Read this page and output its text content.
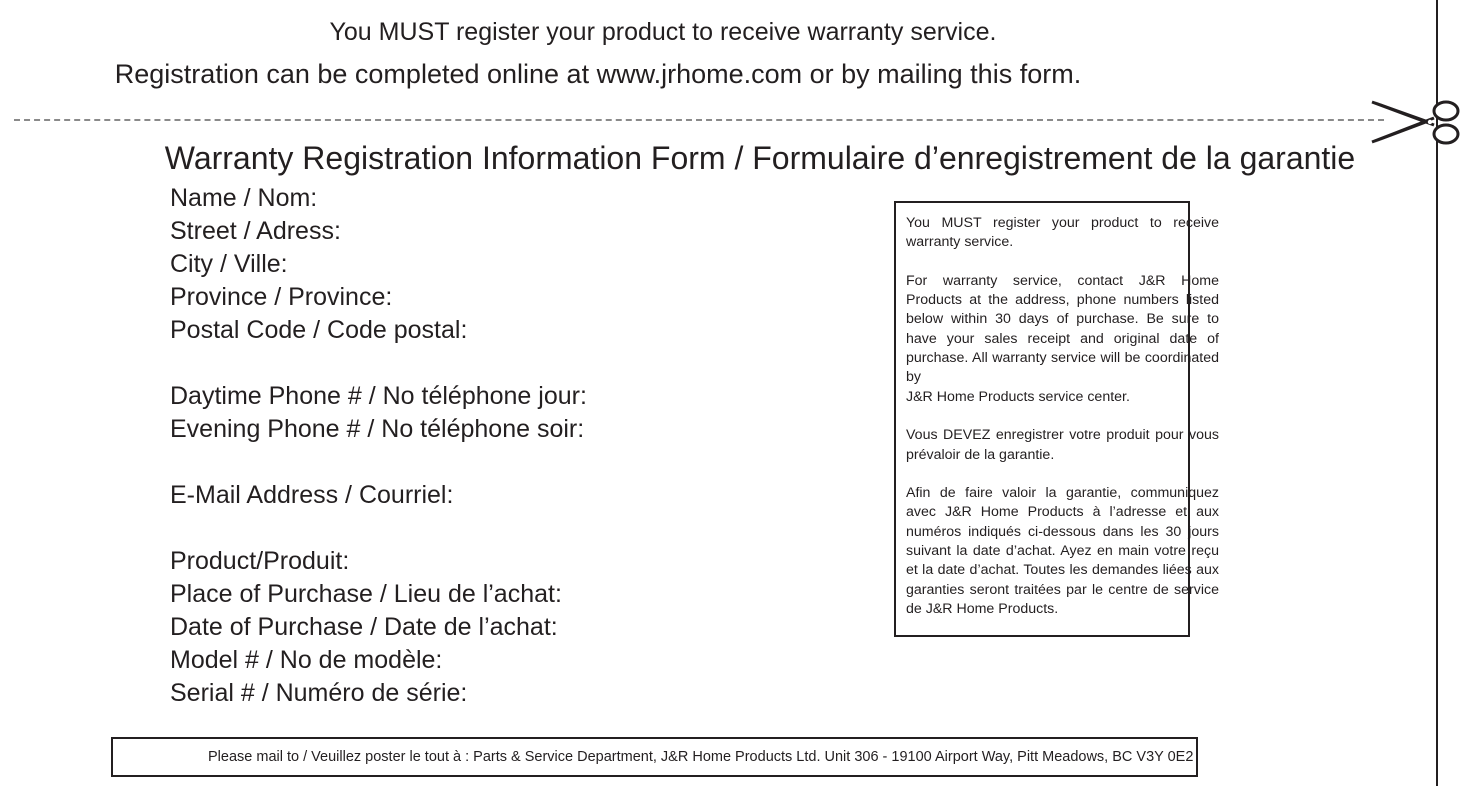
You MUST register your product to receive warranty service.
Registration can be completed online at www.jrhome.com or by mailing this form.
Warranty Registration Information Form / Formulaire d’enregistrement de la garantie
Name / Nom:
Street / Adress:
City / Ville:
Province / Province:
Postal Code / Code postal:
Daytime Phone # / No téléphone jour:
Evening Phone # / No téléphone soir:
E-Mail Address / Courriel:
Product/Produit:
Place of Purchase / Lieu de l’achat:
Date of Purchase / Date de l’achat:
Model # / No de modèle:
Serial # / Numéro de série:

You MUST register your product to receive warranty service.

For warranty service, contact J&R Home Products at the address, phone numbers listed below within 30 days of purchase. Be sure to have your sales receipt and original date of purchase. All warranty service will be coordinated by
J&R Home Products service center.

Vous DEVEZ enregistrer votre produit pour vous prévaloir de la garantie.

Afin de faire valoir la garantie, communiquez avec J&R Home Products à l’adresse et aux numéros indiqués ci-dessous dans les 30 jours suivant la date d’achat. Ayez en main votre reçu et la date d’achat. Toutes les demandes liées aux garanties seront traitées par le centre de service de J&R Home Products.

Please mail to / Veuillez poster le tout à : Parts & Service Department, J&R Home Products Ltd. Unit 306 - 19100 Airport Way, Pitt Meadows, BC V3Y 0E2
